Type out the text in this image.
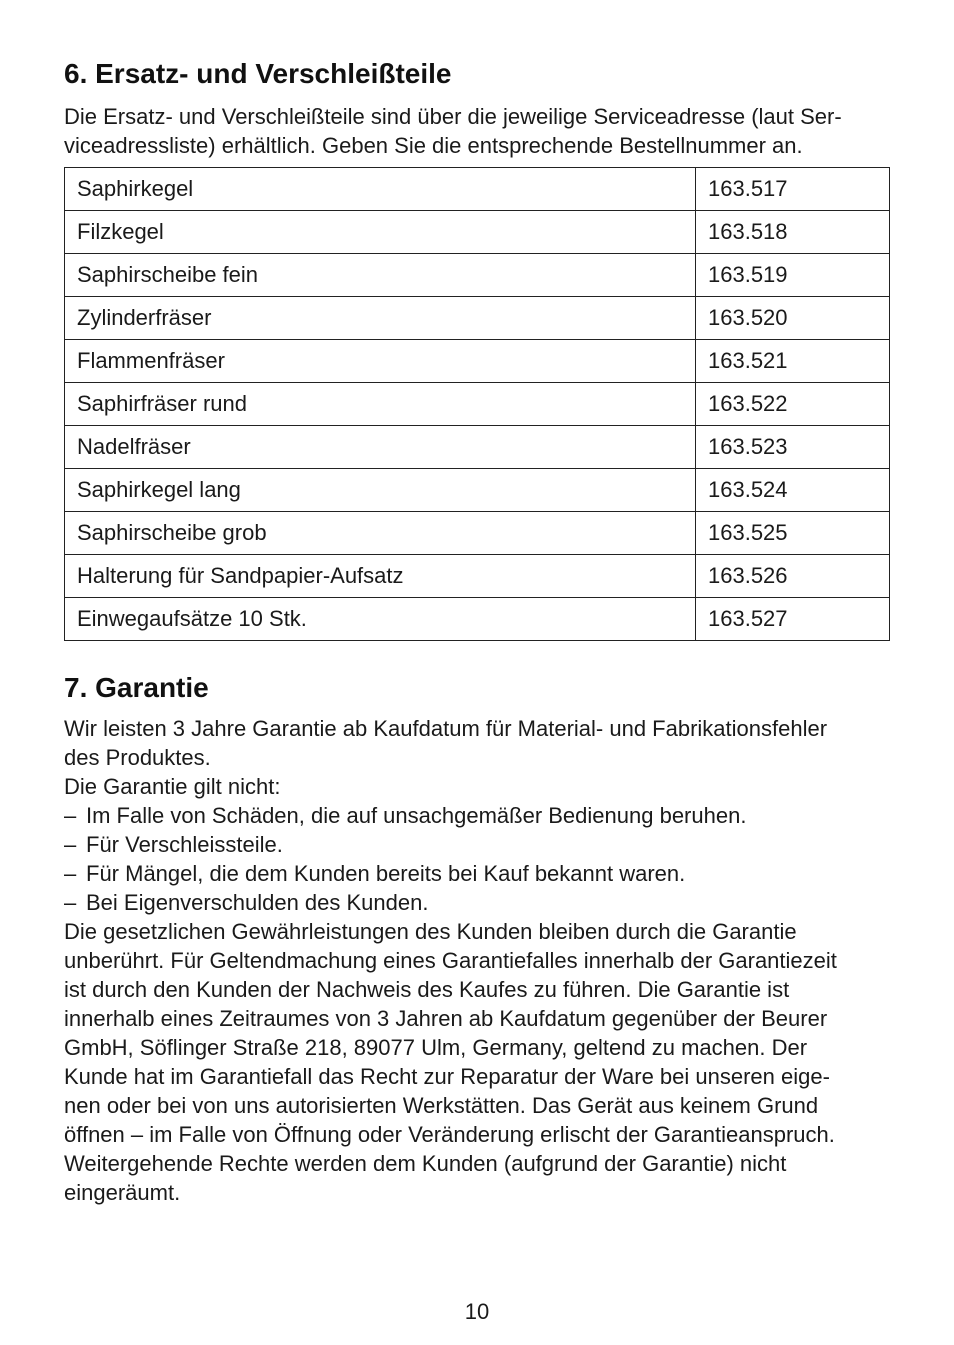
6. Ersatz- und Verschleißteile
Die Ersatz- und Verschleißteile sind über die jeweilige Serviceadresse (laut Ser-
viceadressliste) erhältlich. Geben Sie die entsprechende Bestellnummer an.
Saphirkegel	163.517
Filzkegel	163.518
Saphirscheibe fein	163.519
Zylinderfräser	163.520
Flammenfräser	163.521
Saphirfräser rund	163.522
Nadelfräser	163.523
Saphirkegel lang	163.524
Saphirscheibe grob	163.525
Halterung für Sandpapier-Aufsatz	163.526
Einwegaufsätze 10 Stk.	163.527
7. Garantie
Wir leisten 3 Jahre Garantie ab Kaufdatum für Material- und Fabrikationsfehler
des Produktes.
Die Garantie gilt nicht:
– Im Falle von Schäden, die auf unsachgemäßer Bedienung beruhen.
– Für Verschleissteile.
– Für Mängel, die dem Kunden bereits bei Kauf bekannt waren.
– Bei Eigenverschulden des Kunden.
Die gesetzlichen Gewährleistungen des Kunden bleiben durch die Garantie
unberührt. Für Geltendmachung eines Garantiefalles innerhalb der Garantiezeit
ist durch den Kunden der Nachweis des Kaufes zu führen. Die Garantie ist
innerhalb eines Zeitraumes von 3 Jahren ab Kaufdatum gegenüber der Beurer
GmbH, Söflinger Straße 218, 89077 Ulm, Germany, geltend zu machen. Der
Kunde hat im Garantiefall das Recht zur Reparatur der Ware bei unseren eige-
nen oder bei von uns autorisierten Werkstätten. Das Gerät aus keinem Grund
öffnen – im Falle von Öffnung oder Veränderung erlischt der Garantieanspruch.
Weitergehende Rechte werden dem Kunden (aufgrund der Garantie) nicht
eingeräumt.
10
